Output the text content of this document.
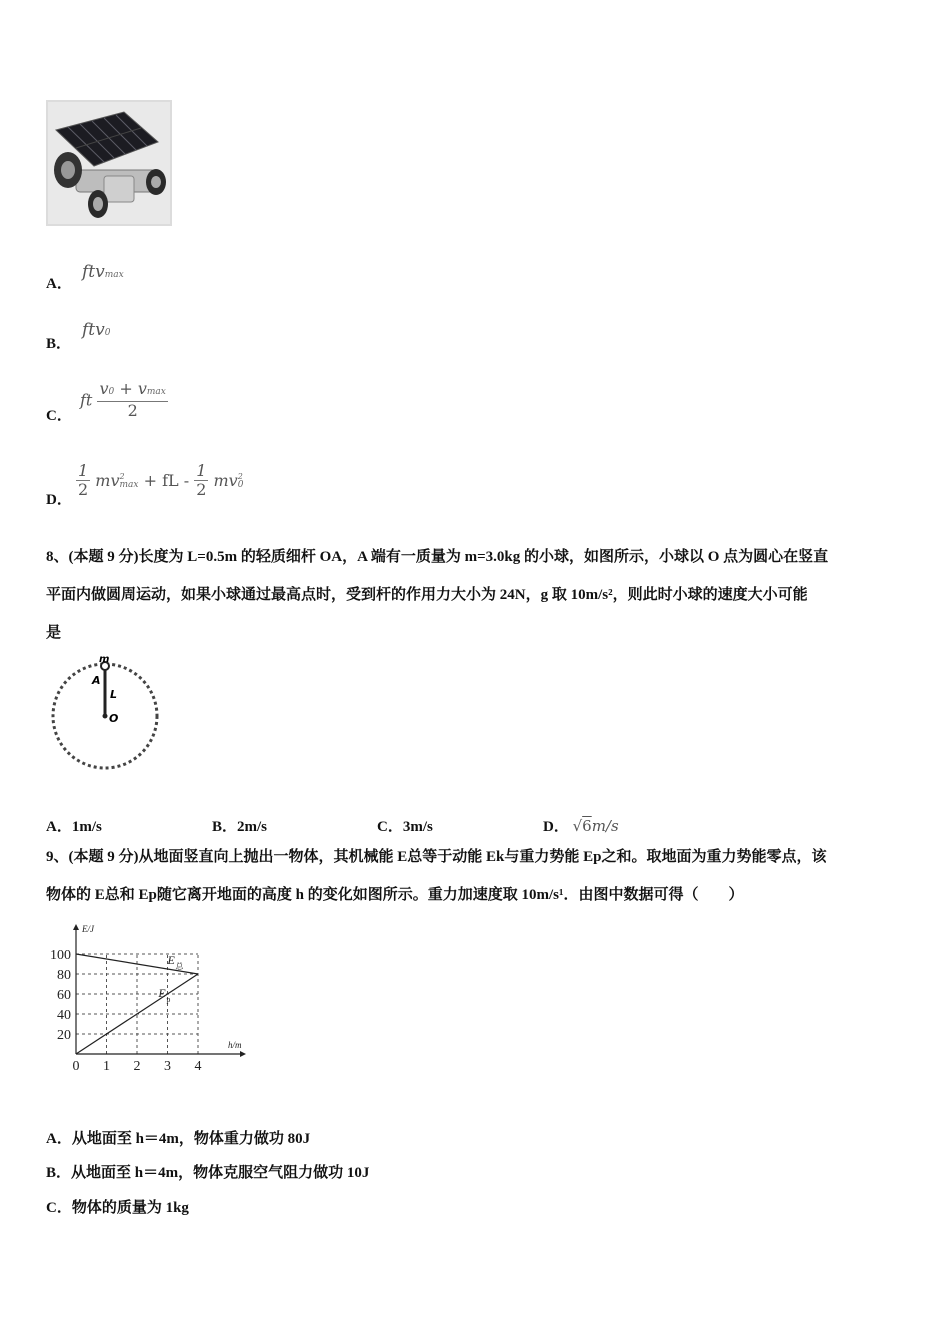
A．
ftvmax
B．
ftv0
C．
ft $\frac{v0 + vmax}{2}$
D．
$\frac{1}{2}$ mv 2
max + fL - $\frac{1}{2}$ mv 2
0
8、(本题 9 分)长度为 L=0.5m 的轻质细杆 OA，A 端有一质量为 m=3.0kg 的小球，如图所示，小球以 O 点为圆心在竖直
平面内做圆周运动，如果小球通过最高点时，受到杆的作用力大小为 24N，g 取 10m/s²，则此时小球的速度大小可能
是
m
A
L
O
A．1m/s	B．2m/s	C．3m/s	D． √6m/s
9、(本题 9 分)从地面竖直向上抛出一物体，其机械能 E总等于动能 Ek与重力势能 Ep之和。取地面为重力势能零点，该
物体的 E总和 Ep随它离开地面的高度 h 的变化如图所示。重力加速度取 10m/s¹．由图中数据可得（　　）
E/J
h/m
20
40
60
80
100
0 1 2 3 4
E 总
E p
A．从地面至 h＝4m，物体重力做功 80J
B．从地面至 h＝4m，物体克服空气阻力做功 10J
C．物体的质量为 1kg
